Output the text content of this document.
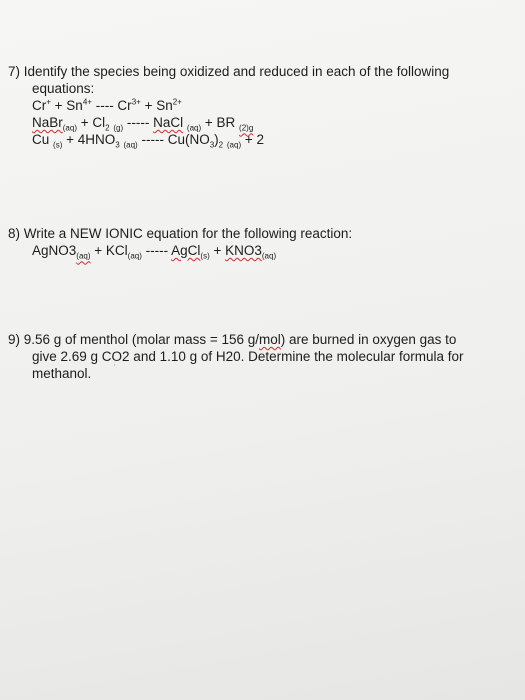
7) Identify the species being oxidized and reduced in each of the following
equations:
$Cr^+ + Sn^{4+}$ ---- $Cr^{3+} + Sn^{2+}$
NaBr$_{(aq)}$ + $Cl_2$ $_{(g)}$ ----- NaCl $_{(aq)}$ + BR $_{(2)g}$
Cu $_{(s)} + 4HNO_3$ $_{(aq)}$ ----- $Cu(NO_3)_2$ $_{(aq)}$ + 2
8) Write a NEW IONIC equation for the following reaction:
$AgNO3_{(aq)} + KCl_{(aq)}$ ----- AgCl$_{(s)}$ + $KNO3_{(aq)}$
9) 9.56 g of menthol (molar mass = 156 g/mol) are burned in oxygen gas to
give 2.69 g CO2 and 1.10 g of H20. Determine the molecular formula for
methanol.	'
